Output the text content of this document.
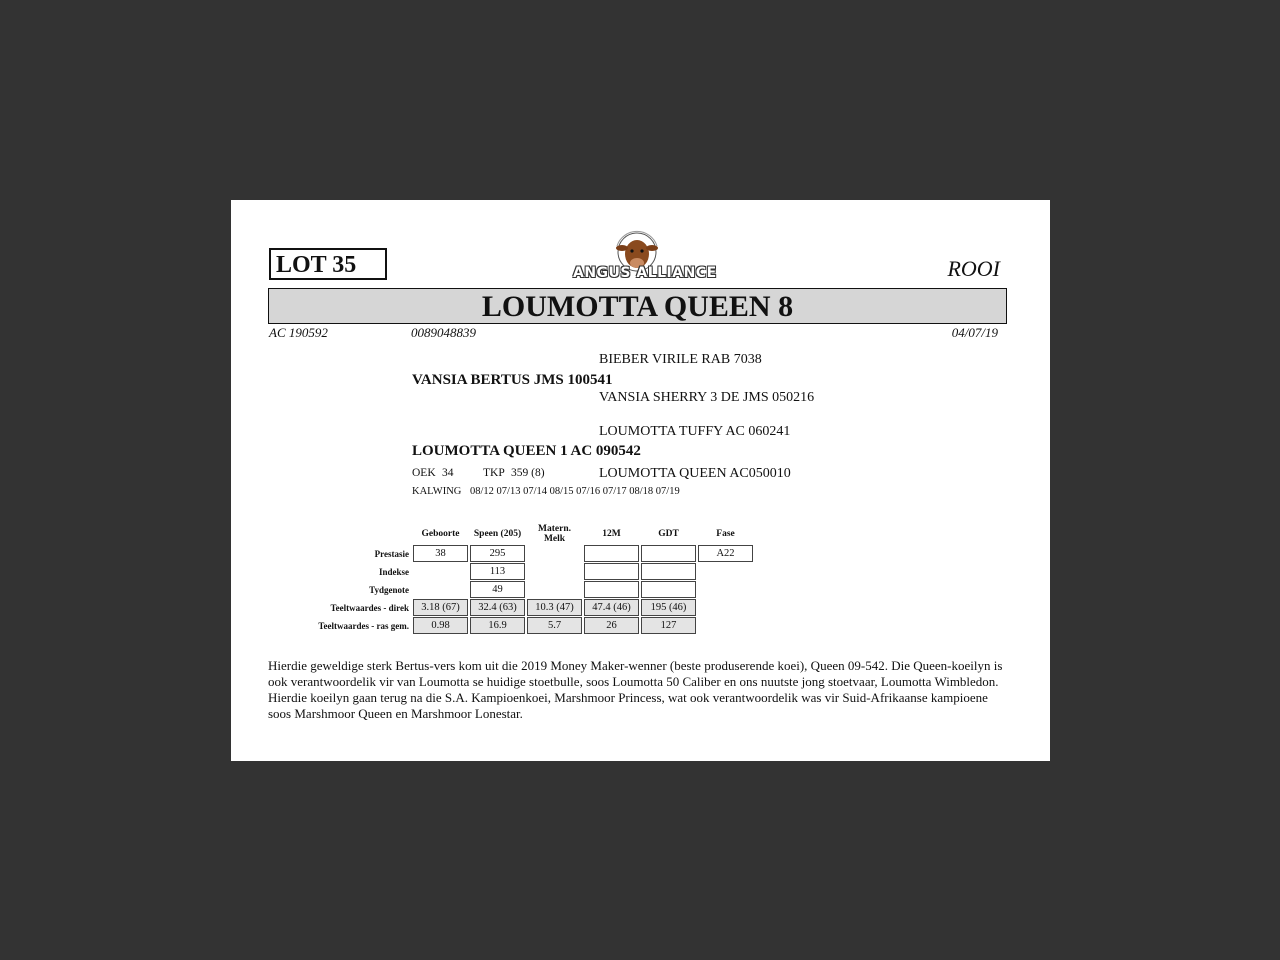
LOT 35	ANGUS ALLIANCE	ROOI
LOUMOTTA QUEEN 8
AC 190592	0089048839	04/07/19
BIEBER VIRILE RAB 7038
VANSIA BERTUS JMS 100541
VANSIA SHERRY 3 DE JMS 050216
LOUMOTTA TUFFY AC 060241
LOUMOTTA QUEEN 1 AC 090542
LOUMOTTA QUEEN AC050010
OEK 34	TKP 359 (8)
KALWING 08/12 07/13 07/14 08/15 07/16 07/17 08/18 07/19
	Geboorte	Speen (205)	Matern. Melk	12M	GDT	Fase
Prestasie	38	295				A22
Indekse		113				
Tydgenote		49				
Teeltwaardes - direk	3.18 (67)	32.4 (63)	10.3 (47)	47.4 (46)	195 (46)	
Teeltwaardes - ras gem.	0.98	16.9	5.7	26	127	
Hierdie geweldige sterk Bertus-vers kom uit die 2019 Money Maker-wenner (beste produserende koei), Queen 09-542. Die Queen-koeilyn is ook verantwoordelik vir van Loumotta se huidige stoetbulle, soos Loumotta 50 Caliber en ons nuutste jong stoetvaar, Loumotta Wimbledon. Hierdie koeilyn gaan terug na die S.A. Kampioenkoei, Marshmoor Princess, wat ook verantwoordelik was vir Suid-Afrikaanse kampioene soos Marshmoor Queen en Marshmoor Lonestar.
